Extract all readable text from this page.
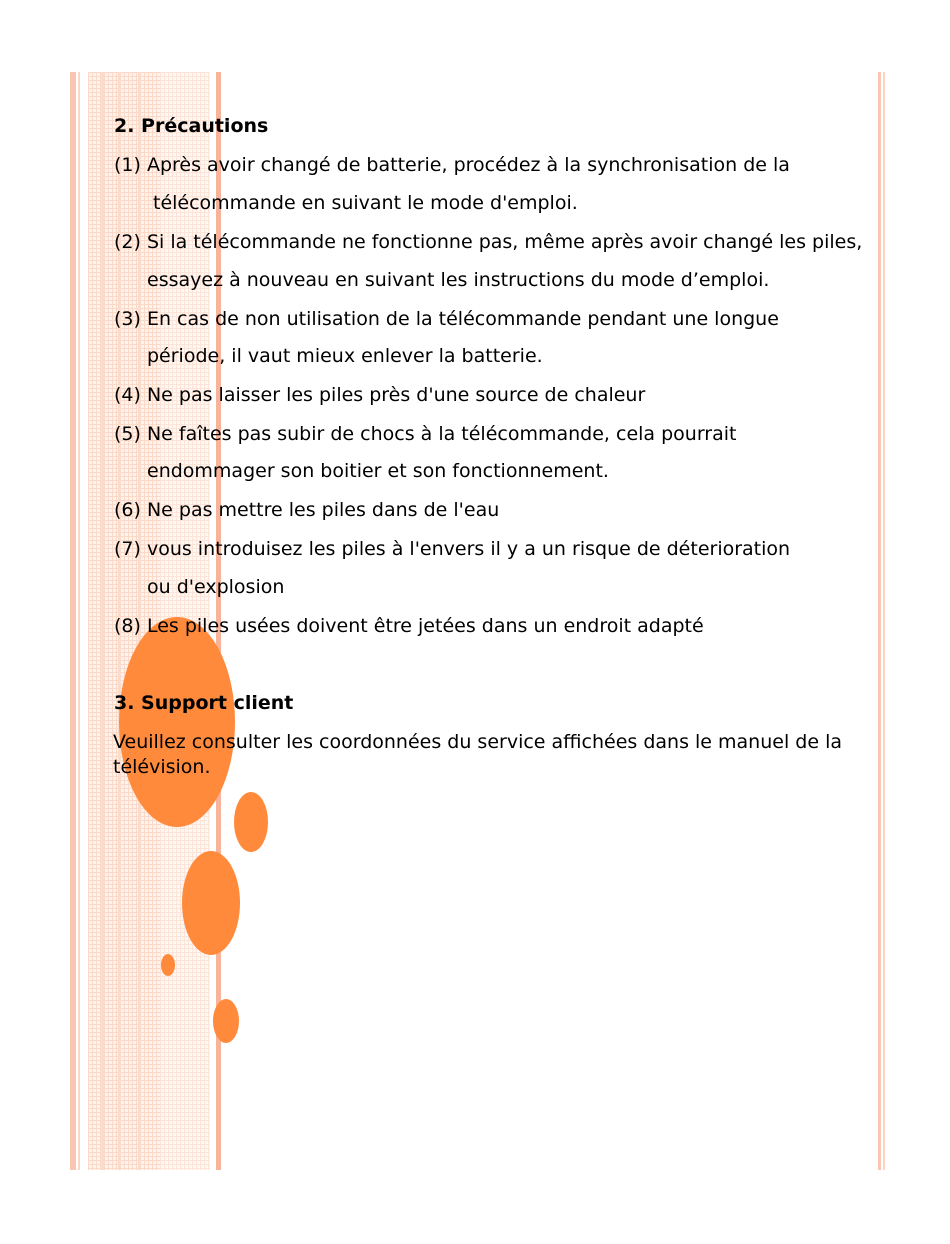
2. Précautions
(1) Après avoir changé de batterie, procédez à la synchronisation de la
télécommande en suivant le mode d'emploi.
(2) Si la télécommande ne fonctionne pas, même après avoir changé les piles,
essayez à nouveau en suivant les instructions du mode d’emploi.
(3) En cas de non utilisation de la télécommande pendant une longue
période, il vaut mieux enlever la batterie.
(4) Ne pas laisser les piles près d'une source de chaleur
(5) Ne faîtes pas subir de chocs à la télécommande, cela pourrait
endommager son boitier et son fonctionnement.
(6) Ne pas mettre les piles dans de l'eau
(7) vous introduisez les piles à l'envers il y a un risque de déterioration
ou d'explosion
(8) Les piles usées doivent être jetées dans un endroit adapté
3. Support client
Veuillez consulter les coordonnées du service affichées dans le manuel de la télévision.
